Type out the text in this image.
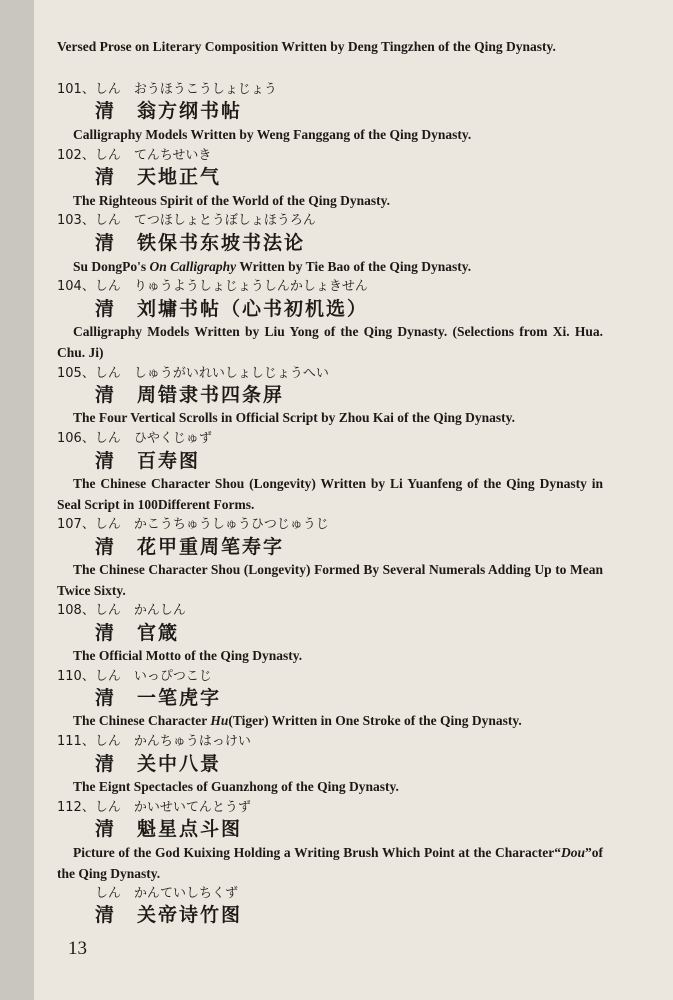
Versed Prose on Literary Composition Written by Deng Tingzhen of the Qing Dynasty.
101、しん　おうほうこうしょじょう
清　翁方纲书帖
Calligraphy Models Written by Weng Fanggang of the Qing Dynasty.
102、しん　てんちせいき
清　天地正气
The Righteous Spirit of the World of the Qing Dynasty.
103、しん　てつほしょとうぼしょほうろん
清　铁保书东坡书法论
Su DongPo's On Calligraphy Written by Tie Bao of the Qing Dynasty.
104、しん　りゅうようしょじょうしんかしょきせん
清　刘墉书帖（心书初机选）
Calligraphy Models Written by Liu Yong of the Qing Dynasty. (Selections from Xi. Hua. Chu. Ji)
105、しん　しゅうがいれいしょしじょうへい
清　周错隶书四条屏
The Four Vertical Scrolls in Official Script by Zhou Kai of the Qing Dynasty.
106、しん　ひやくじゅず
清　百寿图
The Chinese Character Shou (Longevity) Written by Li Yuanfeng of the Qing Dynasty in Seal Script in 100Different Forms.
107、しん　かこうちゅうしゅうひつじゅうじ
清　花甲重周笔寿字
The Chinese Character Shou (Longevity) Formed By Several Numerals Adding Up to Mean Twice Sixty.
108、しん　かんしん
清　官箴
The Official Motto of the Qing Dynasty.
110、しん　いっぴつこじ
清　一笔虎字
The Chinese Character Hu(Tiger) Written in One Stroke of the Qing Dynasty.
111、しん　かんちゅうはっけい
清　关中八景
The Eignt Spectacles of Guanzhong of the Qing Dynasty.
112、しん　かいせいてんとうず
清　魁星点斗图
Picture of the God Kuixing Holding a Writing Brush Which Point at the Character“Dou”of the Qing Dynasty.
しん　かんていしちくず
清　关帝诗竹图
13
